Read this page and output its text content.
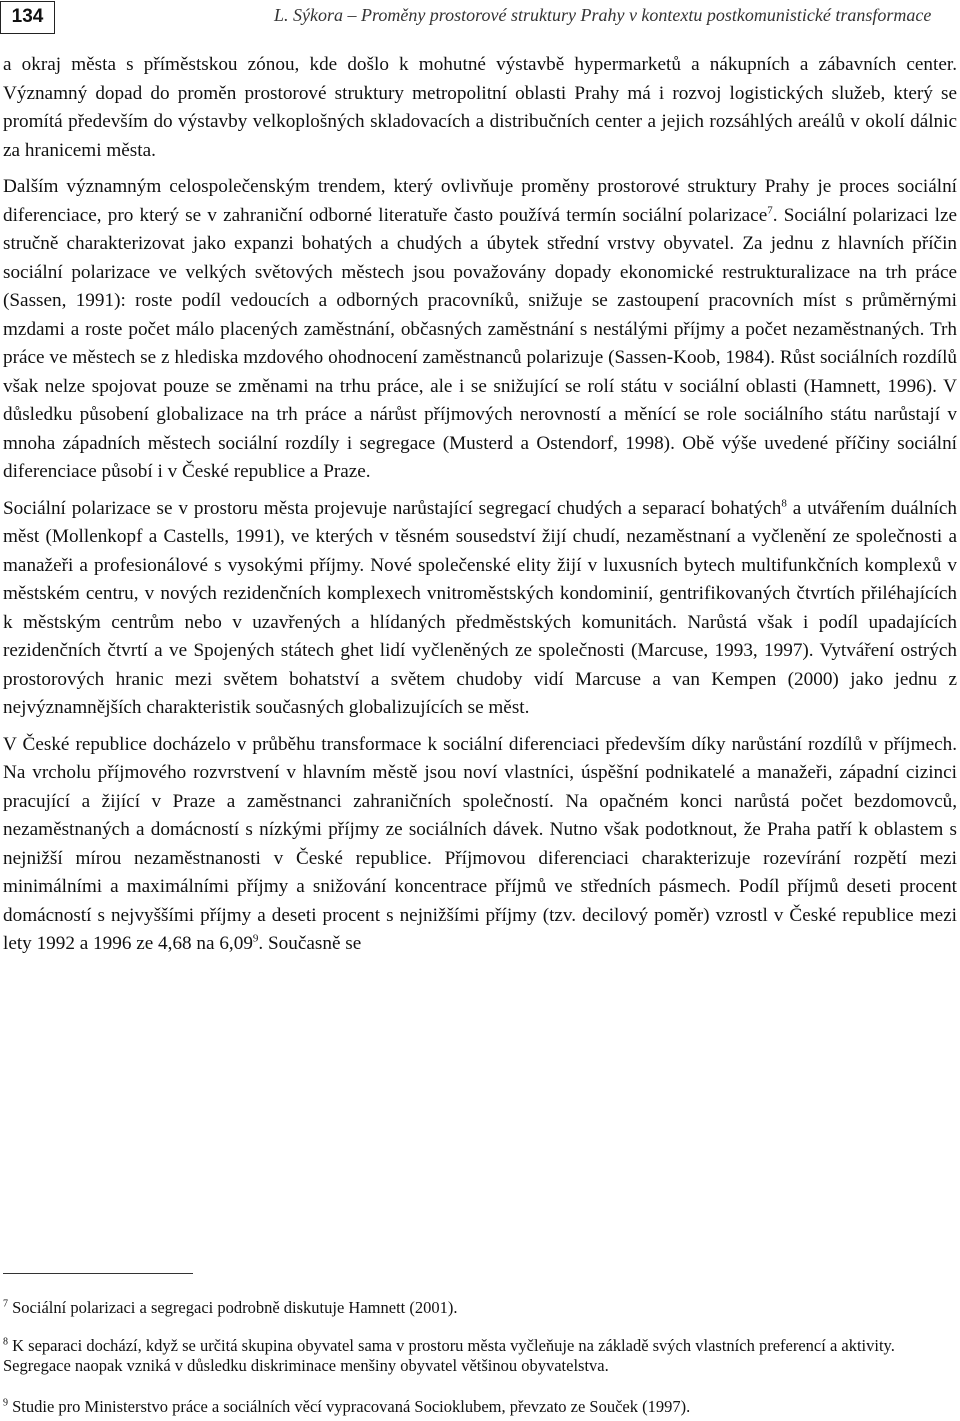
134	L. Sýkora – Proměny prostorové struktury Prahy v kontextu postkomunistické transformace

a okraj města s příměstskou zónou, kde došlo k mohutné výstavbě hypermarketů a nákupních a zábavních center. Významný dopad do proměn prostorové struktury metropolitní oblasti Prahy má i rozvoj logistických služeb, který se promítá především do výstavby velkoplošných skladovacích a distribučních center a jejich rozsáhlých areálů v okolí dálnic za hranicemi města.

Dalším významným celospolečenským trendem, který ovlivňuje proměny prostorové struktury Prahy je proces sociální diferenciace, pro který se v zahraniční odborné literatuře často používá termín sociální polarizace$^7$. Sociální polarizaci lze stručně charakterizovat jako expanzi bohatých a chudých a úbytek střední vrstvy obyvatel. Za jednu z hlavních příčin sociální polarizace ve velkých světových městech jsou považovány dopady ekonomické restrukturalizace na trh práce (Sassen, 1991): roste podíl vedoucích a odborných pracovníků, snižuje se zastoupení pracovních míst s průměrnými mzdami a roste počet málo placených zaměstnání, občasných zaměstnání s nestálými příjmy a počet nezaměstnaných. Trh práce ve městech se z hlediska mzdového ohodnocení zaměstnanců polarizuje (Sassen-Koob, 1984). Růst sociálních rozdílů však nelze spojovat pouze se změnami na trhu práce, ale i se snižující se rolí státu v sociální oblasti (Hamnett, 1996). V důsledku působení globalizace na trh práce a nárůst příjmových nerovností a měnící se role sociálního státu narůstají v mnoha západních městech sociální rozdíly i segregace (Musterd a Ostendorf, 1998). Obě výše uvedené příčiny sociální diferenciace působí i v České republice a Praze.

Sociální polarizace se v prostoru města projevuje narůstající segregací chudých a separací bohatých$^8$ a utvářením duálních měst (Mollenkopf a Castells, 1991), ve kterých v těsném sousedství žijí chudí, nezaměstnaní a vyčlenění ze společnosti a manažeři a profesionálové s vysokými příjmy. Nové společenské elity žijí v luxusních bytech multifunkčních komplexů v městském centru, v nových rezidenčních komplexech vnitroměstských kondominií, gentrifikovaných čtvrtích přiléhajících k městským centrům nebo v uzavřených a hlídaných předměstských komunitách. Narůstá však i podíl upadajících rezidenčních čtvrtí a ve Spojených státech ghet lidí vyčleněných ze společnosti (Marcuse, 1993, 1997). Vytváření ostrých prostorových hranic mezi světem bohatství a světem chudoby vidí Marcuse a van Kempen (2000) jako jednu z nejvýznamnějších charakteristik současných globalizujících se měst.

V České republice docházelo v průběhu transformace k sociální diferenciaci především díky narůstání rozdílů v příjmech. Na vrcholu příjmového rozvrstvení v hlavním městě jsou noví vlastníci, úspěšní podnikatelé a manažeři, západní cizinci pracující a žijící v Praze a zaměstnanci zahraničních společností. Na opačném konci narůstá počet bezdomovců, nezaměstnaných a domácností s nízkými příjmy ze sociálních dávek. Nutno však podotknout, že Praha patří k oblastem s nejnižší mírou nezaměstnanosti v České republice. Příjmovou diferenciaci charakterizuje rozevírání rozpětí mezi minimálními a maximálními příjmy a snižování koncentrace příjmů ve středních pásmech. Podíl příjmů deseti procent domácností s nejvyššími příjmy a deseti procent s nejnižšími příjmy (tzv. decilový poměr) vzrostl v České republice mezi lety 1992 a 1996 ze 4,68 na 6,09$^9$. Současně se

$^7$ Sociální polarizaci a segregaci podrobně diskutuje Hamnett (2001).
$^8$ K separaci dochází, když se určitá skupina obyvatel sama v prostoru města vyčleňuje na základě svých vlastních preferencí a aktivity. Segregace naopak vzniká v důsledku diskriminace menšiny obyvatel většinou obyvatelstva.
$^9$ Studie pro Ministerstvo práce a sociálních věcí vypracovaná Socioklubem, převzato ze Souček (1997).
